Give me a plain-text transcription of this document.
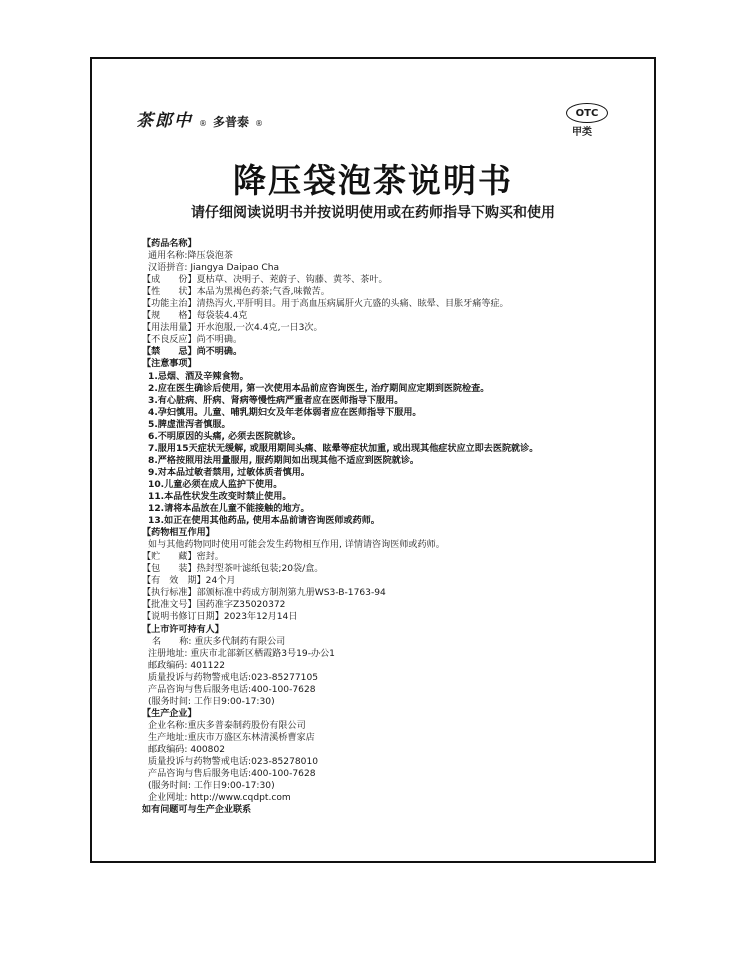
茶郎中 ® 多普泰 ®
OTC
甲类
降压袋泡茶说明书
请仔细阅读说明书并按说明使用或在药师指导下购买和使用
【药品名称】
通用名称:降压袋泡茶
汉语拼音: Jiangya Daipao Cha
【成　　份】夏枯草、决明子、茺蔚子、钩藤、黄芩、茶叶。
【性　　状】本品为黑褐色药茶;气香,味微苦。
【功能主治】清热泻火,平肝明目。用于高血压病属肝火亢盛的头痛、眩晕、目胀牙痛等症。
【规　　格】每袋装4.4克
【用法用量】开水泡服,一次4.4克,一日3次。
【不良反应】尚不明确。
【禁　　忌】尚不明确。
【注意事项】
1.忌烟、酒及辛辣食物。
2.应在医生确诊后使用, 第一次使用本品前应咨询医生, 治疗期间应定期到医院检查。
3.有心脏病、肝病、肾病等慢性病严重者应在医师指导下服用。
4.孕妇慎用。儿童、哺乳期妇女及年老体弱者应在医师指导下服用。
5.脾虚泄泻者慎服。
6.不明原因的头痛, 必须去医院就诊。
7.服用15天症状无缓解, 或服用期间头痛、眩晕等症状加重, 或出现其他症状应立即去医院就诊。
8.严格按照用法用量服用, 服药期间如出现其他不适应到医院就诊。
9.对本品过敏者禁用, 过敏体质者慎用。
10.儿童必须在成人监护下使用。
11.本品性状发生改变时禁止使用。
12.请将本品放在儿童不能接触的地方。
13.如正在使用其他药品, 使用本品前请咨询医师或药师。
【药物相互作用】
如与其他药物同时使用可能会发生药物相互作用, 详情请咨询医师或药师。
【贮　　藏】密封。
【包　　装】热封型茶叶滤纸包装;20袋/盒。
【有　效　期】24个月
【执行标准】部颁标准中药成方制剂第九册WS3-B-1763-94
【批准文号】国药准字Z35020372
【说明书修订日期】2023年12月14日
【上市许可持有人】
名　　称: 重庆多代制药有限公司
注册地址: 重庆市北部新区栖霞路3号19-办公1
邮政编码: 401122
质量投诉与药物警戒电话:023-85277105
产品咨询与售后服务电话:400-100-7628
(服务时间: 工作日9:00-17:30)
【生产企业】
企业名称:重庆多普泰制药股份有限公司
生产地址:重庆市万盛区东林清溪桥曹家店
邮政编码: 400802
质量投诉与药物警戒电话:023-85278010
产品咨询与售后服务电话:400-100-7628
(服务时间: 工作日9:00-17:30)
企业网址: http://www.cqdpt.com
如有问题可与生产企业联系
